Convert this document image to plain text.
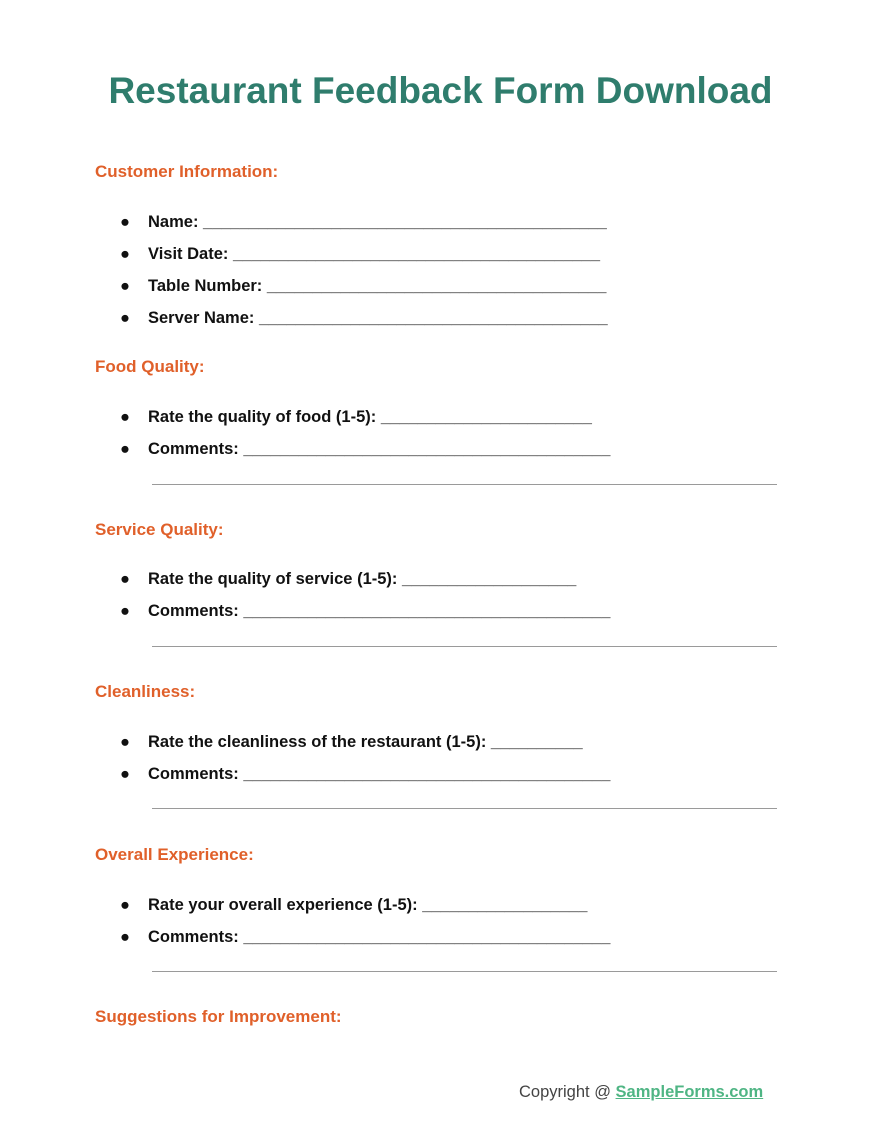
Restaurant Feedback Form Download
Customer Information:

● Name: ____________________________________________

● Visit Date: ________________________________________

● Table Number: _____________________________________

● Server Name: ______________________________________

Food Quality:

● Rate the quality of food (1-5): _______________________

● Comments: ________________________________________

Service Quality:

● Rate the quality of service (1-5): ___________________

● Comments: ________________________________________

Cleanliness:

● Rate the cleanliness of the restaurant (1-5): __________

● Comments: ________________________________________

Overall Experience:

● Rate your overall experience (1-5): __________________

● Comments: ________________________________________

Suggestions for Improvement:
Copyright @ SampleForms.com
